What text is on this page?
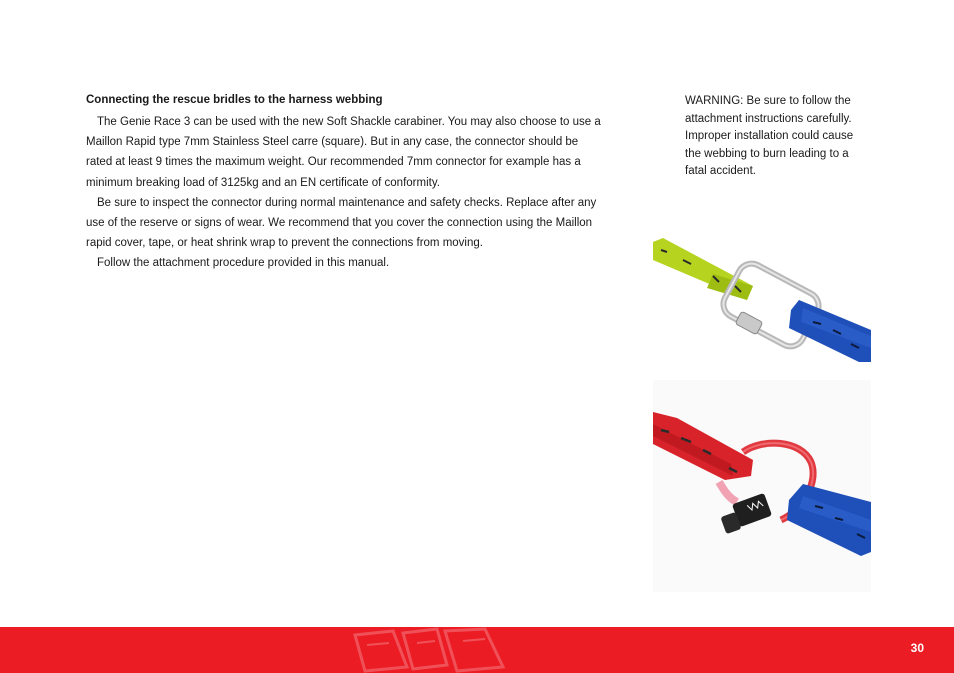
Connecting the rescue bridles to the harness webbing

The Genie Race 3 can be used with the new Soft Shackle carabiner. You may also choose to use a Maillon Rapid type 7mm Stainless Steel carre (square). But in any case, the connector should be rated at least 9 times the maximum weight. Our recommended 7mm connector for example has a minimum breaking load of 3125kg and an EN certificate of conformity.

Be sure to inspect the connector during normal maintenance and safety checks. Replace after any use of the reserve or signs of wear. We recommend that you cover the connection using the Maillon rapid cover, tape, or heat shrink wrap to prevent the connections from moving.

Follow the attachment procedure provided in this manual.

WARNING: Be sure to follow the attachment instructions carefully. Improper installation could cause the webbing to burn leading to a fatal accident.

30
